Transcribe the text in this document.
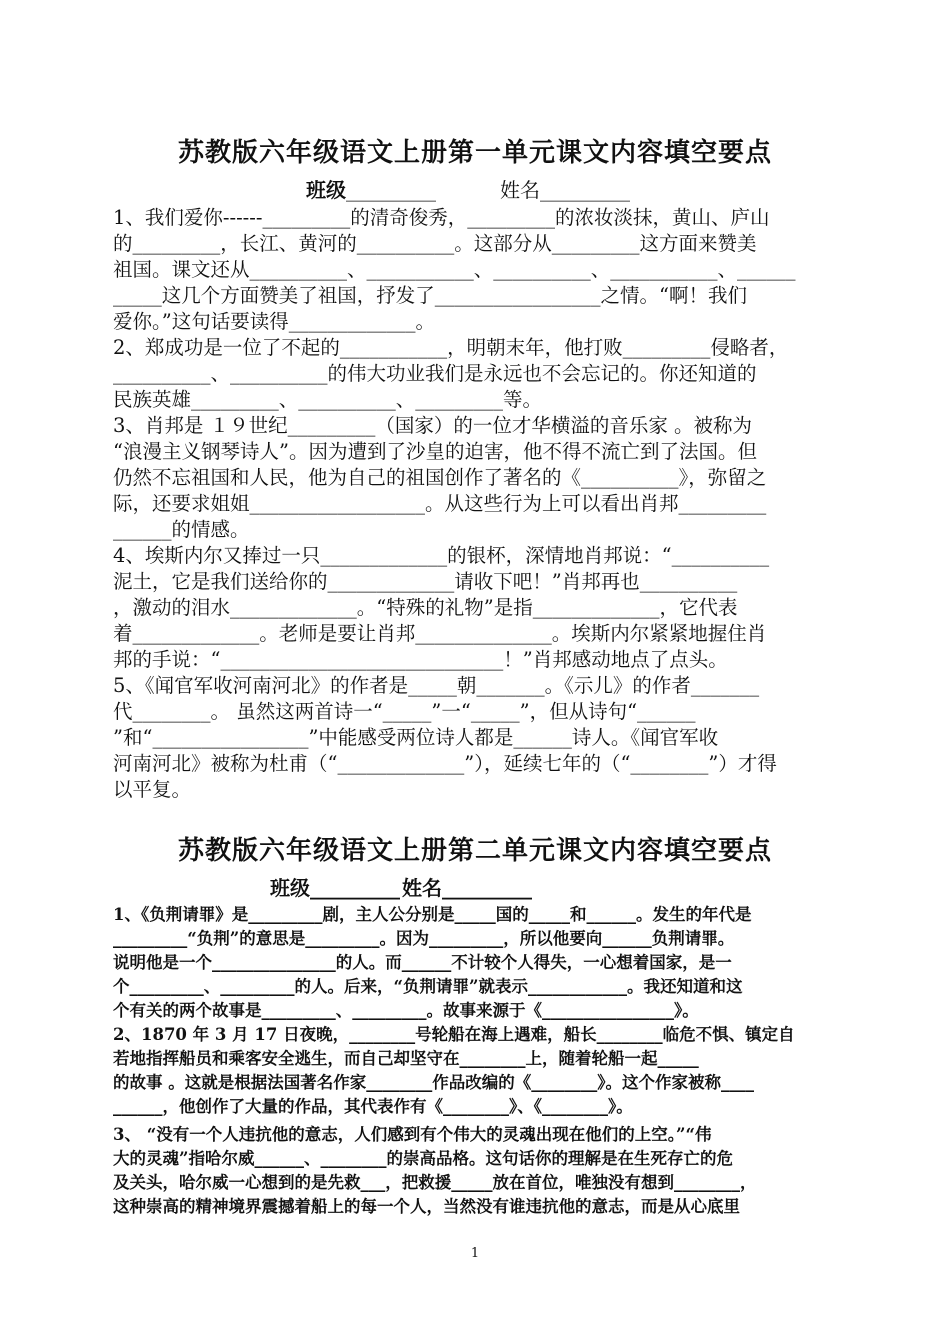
苏教版六年级语文上册第一单元课文内容填空要点
班级_________	姓名_________
1、我们爱你------_________的清奇俊秀，_________的浓妆淡抹，黄山、庐山
的_________，长江、黄河的__________。这部分从_________这方面来赞美
祖国。课文还从__________、___________、__________、___________、______
_____这几个方面赞美了祖国，抒发了_________________之情。“啊！我们
爱你。”这句话要读得_____________。
2、郑成功是一位了不起的___________，明朝末年，他打败_________侵略者，
__________、__________的伟大功业我们是永远也不会忘记的。你还知道的
民族英雄_________、__________、_________等。
3、肖邦是 １９世纪_________（国家）的一位才华横溢的音乐家 。被称为
“浪漫主义钢琴诗人”。因为遭到了沙皇的迫害，他不得不流亡到了法国。但
仍然不忘祖国和人民，他为自己的祖国创作了著名的《__________》，弥留之
际，还要求姐姐__________________。从这些行为上可以看出肖邦_________
______的情感。
4、埃斯内尔又捧过一只_____________的银杯，深情地肖邦说：“__________
泥土，它是我们送给你的_____________请收下吧！”肖邦再也__________
，激动的泪水_____________。“特殊的礼物”是指_____________，它代表
着_____________。老师是要让肖邦______________。埃斯内尔紧紧地握住肖
邦的手说：“_____________________________！”肖邦感动地点了点头。
5、《闻官军收河南河北》的作者是_____朝_______。《示儿》的作者_______
代________。 虽然这两首诗一“_____”一“_____”，但从诗句“______
”和“________________”中能感受两位诗人都是______诗人。《闻官军收
河南河北》被称为杜甫（“_____________”），延续七年的（“________”）才得
以平复。
苏教版六年级语文上册第二单元课文内容填空要点
班级_________ 姓名_________
1、《负荆请罪》是_________剧，主人公分别是_____国的_____和______。发生的年代是
_________“负荆”的意思是_________。因为_________，所以他要向______负荆请罪。
说明他是一个_______________的人。而______不计较个人得失，一心想着国家，是一
个_________、_________的人。后来，“负荆请罪”就表示____________。我还知道和这
个有关的两个故事是_________、_________。故事来源于《________________》。
2、1870 年 3 月 17 日夜晚，________号轮船在海上遇难，船长________临危不惧、镇定自
若地指挥船员和乘客安全逃生，而自己却坚守在________上，随着轮船一起_____
的故事 。这就是根据法国著名作家________作品改编的《________》。这个作家被称____
______，他创作了大量的作品，其代表作有《________》、《________》。
3、 “没有一个人违抗他的意志，人们感到有个伟大的灵魂出现在他们的上空。”“伟
大的灵魂”指哈尔威______、________的崇高品格。这句话你的理解是在生死存亡的危
及关头，哈尔威一心想到的是先救___，把救援_____放在首位，唯独没有想到________，
这种崇高的精神境界震撼着船上的每一个人，当然没有谁违抗他的意志，而是从心底里
1
